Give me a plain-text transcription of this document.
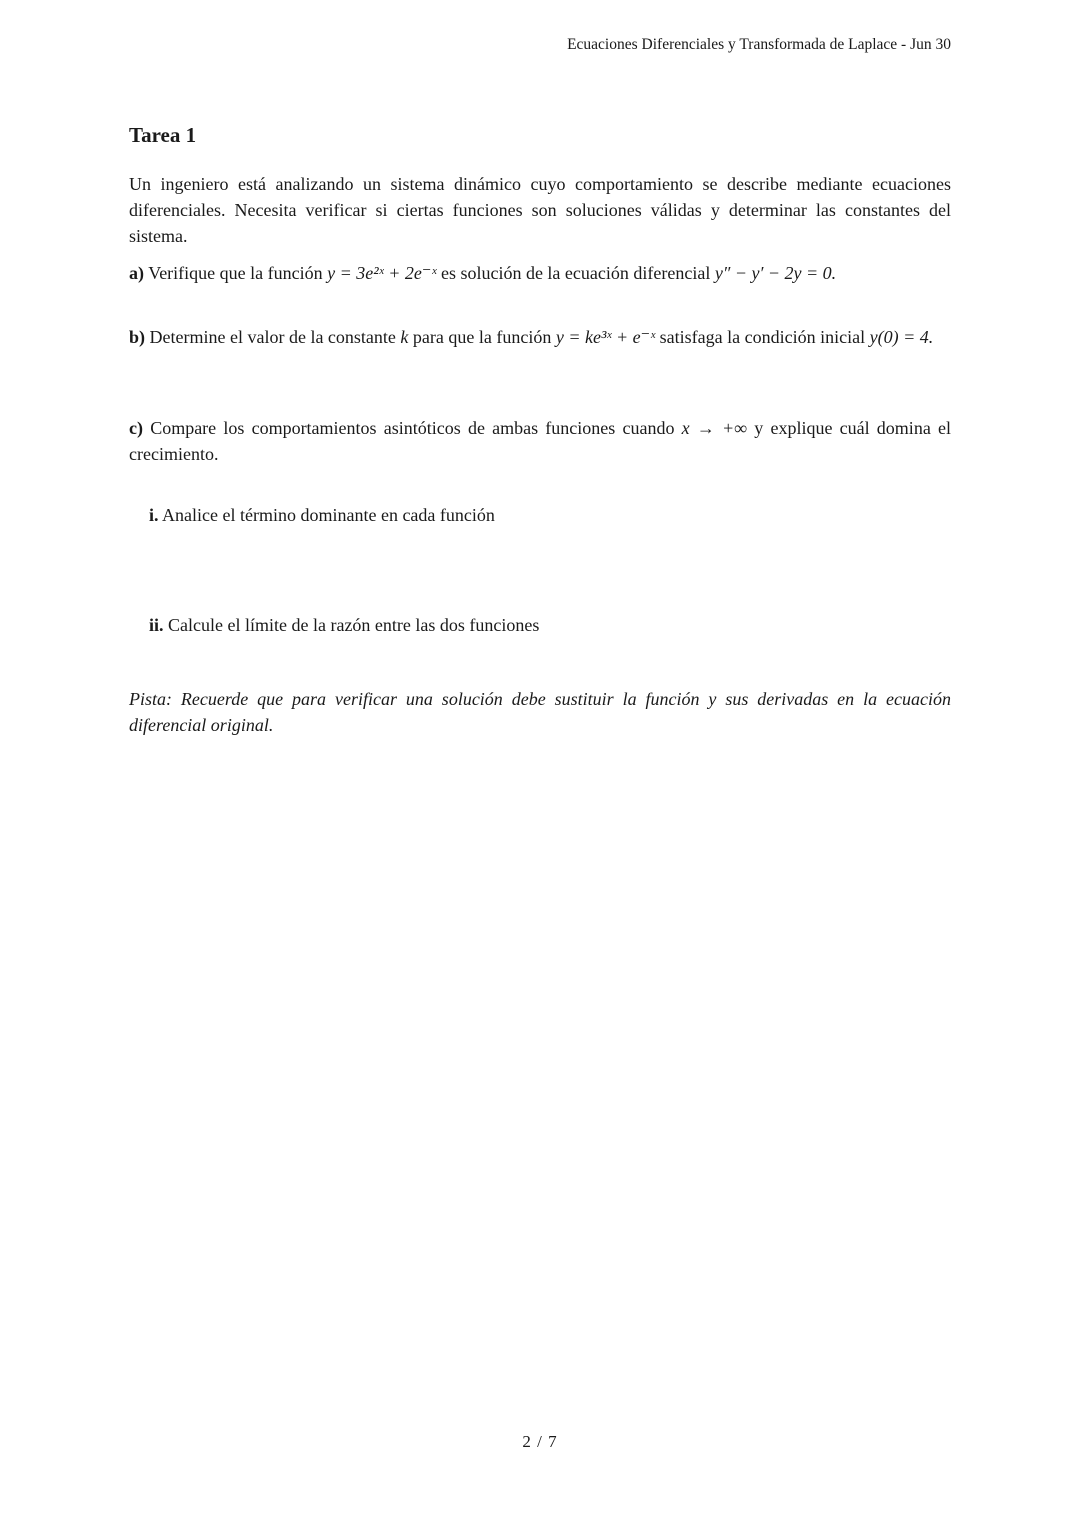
Ecuaciones Diferenciales y Transformada de Laplace - Jun 30
Tarea 1

Un ingeniero está analizando un sistema dinámico cuyo comportamiento se describe mediante ecuaciones diferenciales. Necesita verificar si ciertas funciones son soluciones válidas y determinar las constantes del sistema.

a) Verifique que la función y = 3e²ˣ + 2e⁻ˣ es solución de la ecuación diferencial y″ − y′ − 2y = 0.

b) Determine el valor de la constante k para que la función y = ke³ˣ + e⁻ˣ satisfaga la condición inicial y(0) = 4.

c) Compare los comportamientos asintóticos de ambas funciones cuando x → +∞ y explique cuál domina el crecimiento.

i. Analice el término dominante en cada función

ii. Calcule el límite de la razón entre las dos funciones

Pista: Recuerde que para verificar una solución debe sustituir la función y sus derivadas en la ecuación diferencial original.

2 / 7
